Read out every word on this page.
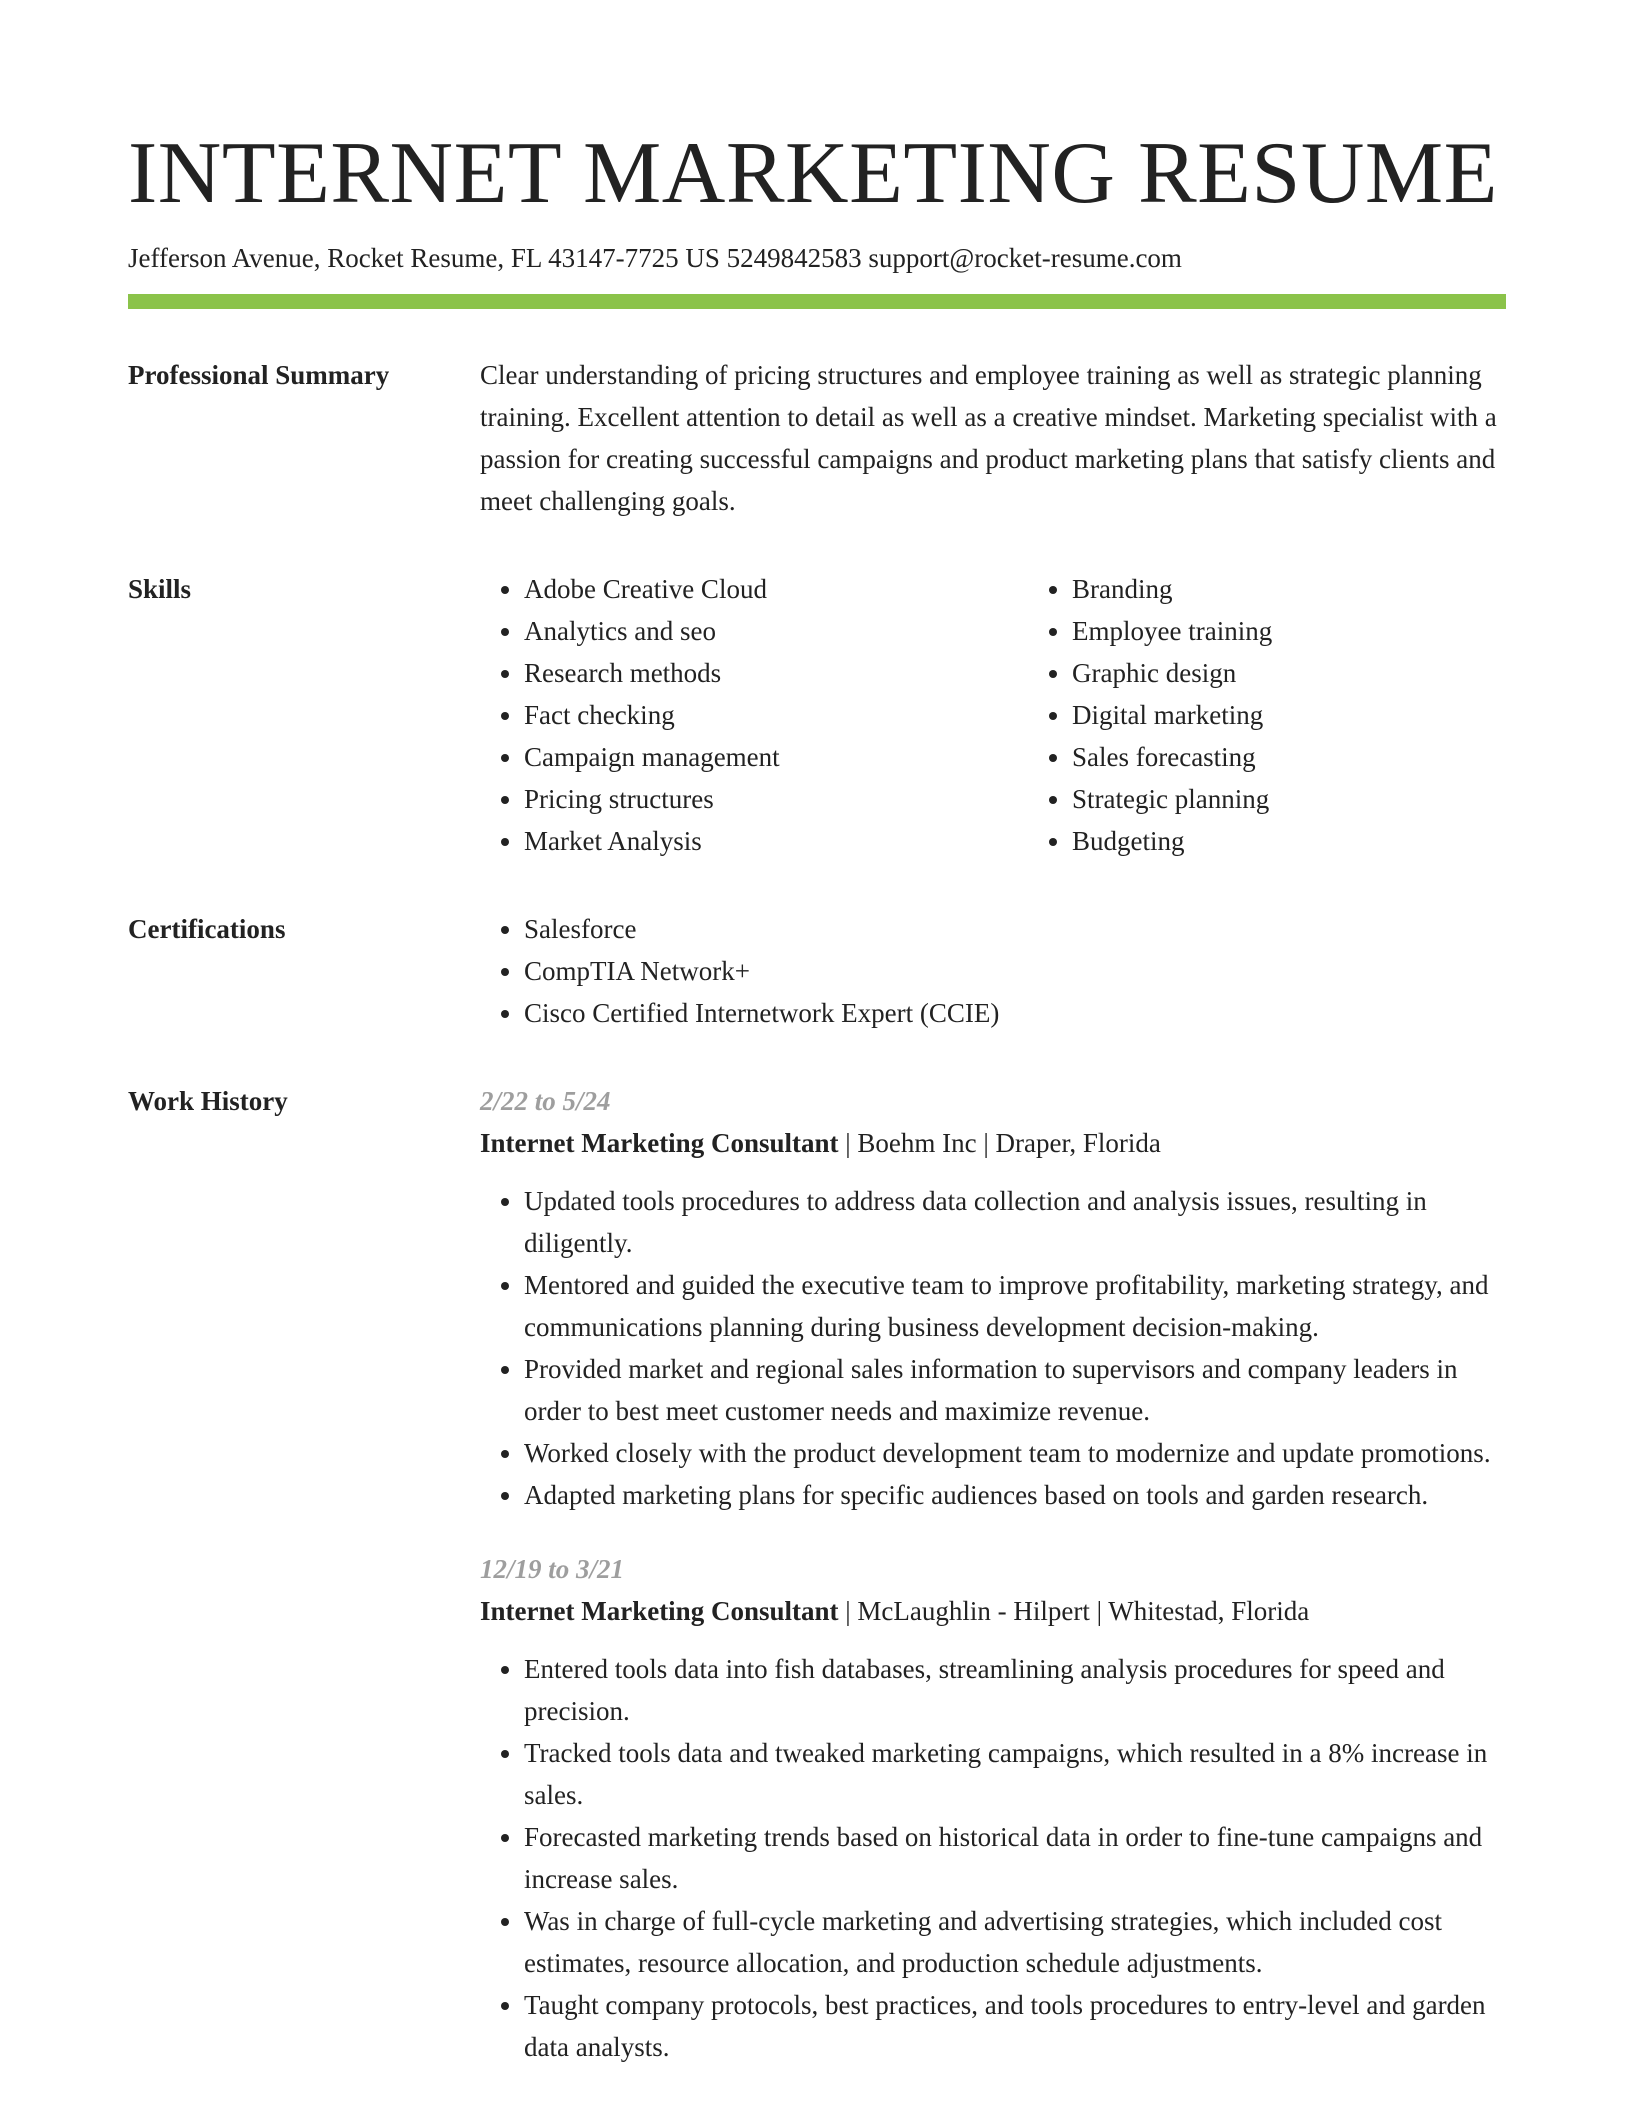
INTERNET MARKETING RESUME
Jefferson Avenue, Rocket Resume, FL 43147-7725 US 5249842583 support@rocket-resume.com
Professional Summary	Clear understanding of pricing structures and employee training as well as strategic planning training. Excellent attention to detail as well as a creative mindset. Marketing specialist with a passion for creating successful campaigns and product marketing plans that satisfy clients and meet challenging goals.

Skills	• Adobe Creative Cloud
• Analytics and seo
• Research methods
• Fact checking
• Campaign management
• Pricing structures
• Market Analysis
• Branding
• Employee training
• Graphic design
• Digital marketing
• Sales forecasting
• Strategic planning
• Budgeting
Certifications	• Salesforce
• CompTIA Network+
• Cisco Certified Internetwork Expert (CCIE)
Work History	2/22 to 5/24
Internet Marketing Consultant | Boehm Inc | Draper, Florida
• Updated tools procedures to address data collection and analysis issues, resulting in diligently.
• Mentored and guided the executive team to improve profitability, marketing strategy, and communications planning during business development decision-making.
• Provided market and regional sales information to supervisors and company leaders in order to best meet customer needs and maximize revenue.
• Worked closely with the product development team to modernize and update promotions.
• Adapted marketing plans for specific audiences based on tools and garden research.
12/19 to 3/21
Internet Marketing Consultant | McLaughlin - Hilpert | Whitestad, Florida
• Entered tools data into fish databases, streamlining analysis procedures for speed and precision.
• Tracked tools data and tweaked marketing campaigns, which resulted in a 8% increase in sales.
• Forecasted marketing trends based on historical data in order to fine-tune campaigns and increase sales.
• Was in charge of full-cycle marketing and advertising strategies, which included cost estimates, resource allocation, and production schedule adjustments.
• Taught company protocols, best practices, and tools procedures to entry-level and garden data analysts.
